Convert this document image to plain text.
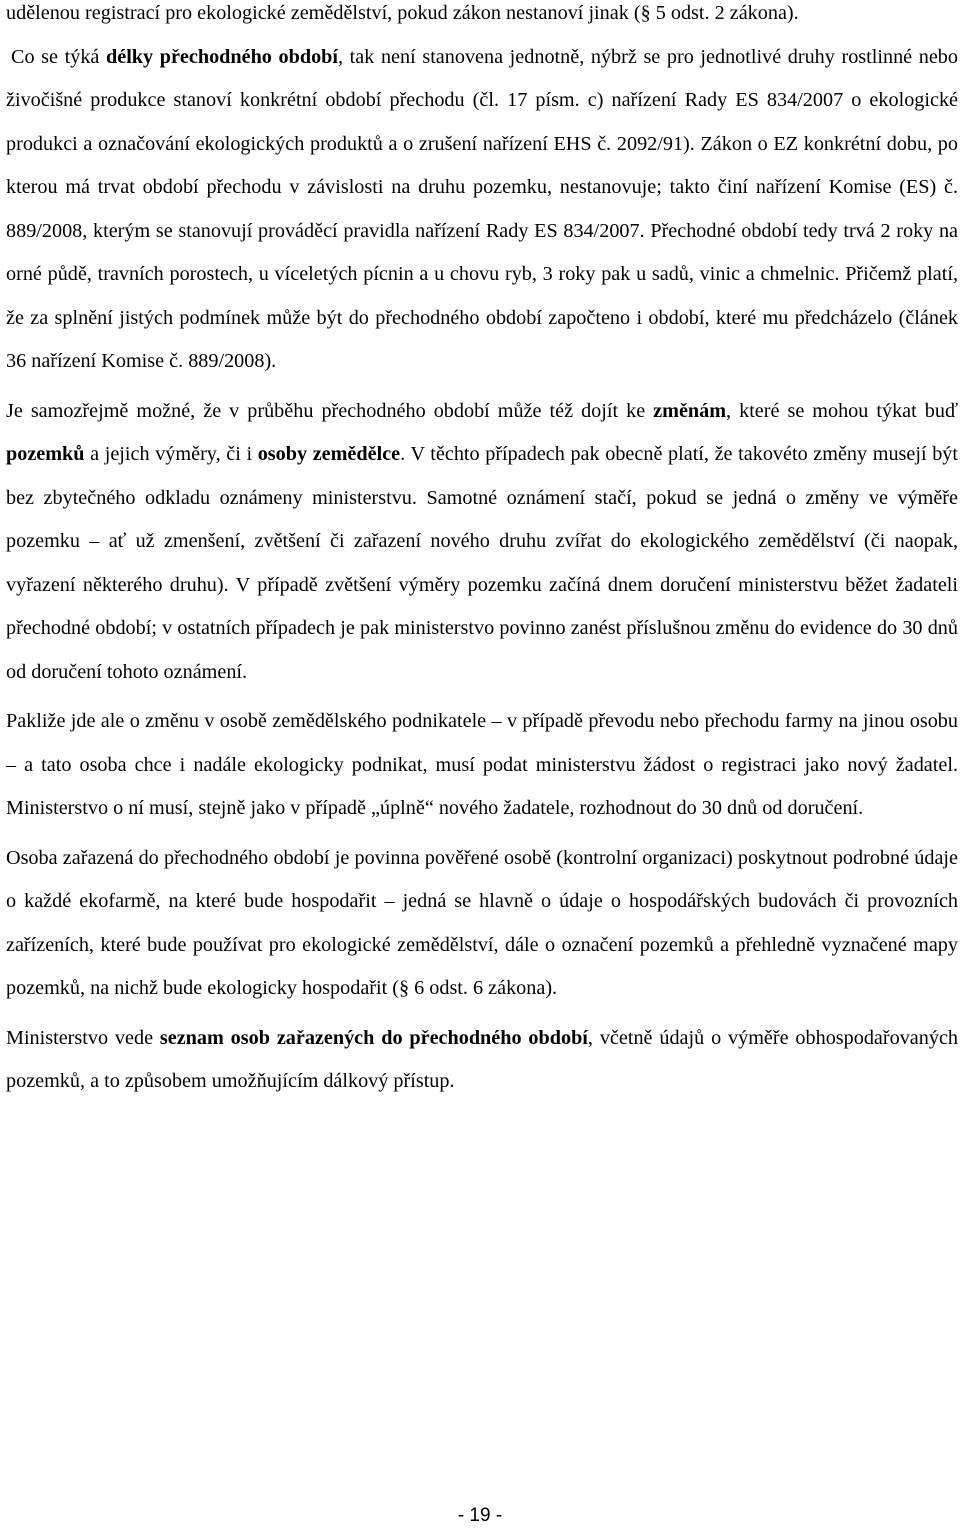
udělenou registrací pro ekologické zemědělství, pokud zákon nestanoví jinak (§ 5 odst. 2 zákona).
Co se týká délky přechodného období, tak není stanovena jednotně, nýbrž se pro jednotlivé druhy rostlinné nebo živočišné produkce stanoví konkrétní období přechodu (čl. 17 písm. c) nařízení Rady ES 834/2007 o ekologické produkci a označování ekologických produktů a o zrušení nařízení EHS č. 2092/91). Zákon o EZ konkrétní dobu, po kterou má trvat období přechodu v závislosti na druhu pozemku, nestanovuje; takto činí nařízení Komise (ES) č. 889/2008, kterým se stanovují prováděcí pravidla nařízení Rady ES 834/2007. Přechodné období tedy trvá 2 roky na orné půdě, travních porostech, u víceletých pícnin a u chovu ryb, 3 roky pak u sadů, vinic a chmelnic. Přičemž platí, že za splnění jistých podmínek může být do přechodného období započteno i období, které mu předcházelo (článek 36 nařízení Komise č. 889/2008).

Je samozřejmě možné, že v průběhu přechodného období může též dojít ke změnám, které se mohou týkat buď pozemků a jejich výměry, či i osoby zemědělce. V těchto případech pak obecně platí, že takovéto změny musejí být bez zbytečného odkladu oznámeny ministerstvu. Samotné oznámení stačí, pokud se jedná o změny ve výměře pozemku – ať už zmenšení, zvětšení či zařazení nového druhu zvířat do ekologického zemědělství (či naopak, vyřazení některého druhu). V případě zvětšení výměry pozemku začíná dnem doručení ministerstvu běžet žadateli přechodné období; v ostatních případech je pak ministerstvo povinno zanést příslušnou změnu do evidence do 30 dnů od doručení tohoto oznámení.

Pakliže jde ale o změnu v osobě zemědělského podnikatele – v případě převodu nebo přechodu farmy na jinou osobu – a tato osoba chce i nadále ekologicky podnikat, musí podat ministerstvu žádost o registraci jako nový žadatel. Ministerstvo o ní musí, stejně jako v případě „úplně“ nového žadatele, rozhodnout do 30 dnů od doručení.

Osoba zařazená do přechodného období je povinna pověřené osobě (kontrolní organizaci) poskytnout podrobné údaje o každé ekofarmě, na které bude hospodařit – jedná se hlavně o údaje o hospodářských budovách či provozních zařízeních, které bude používat pro ekologické zemědělství, dále o označení pozemků a přehledně vyznačené mapy pozemků, na nichž bude ekologicky hospodařit (§ 6 odst. 6 zákona).

Ministerstvo vede seznam osob zařazených do přechodného období, včetně údajů o výměře obhospodařovaných pozemků, a to způsobem umožňujícím dálkový přístup.

- 19 -
